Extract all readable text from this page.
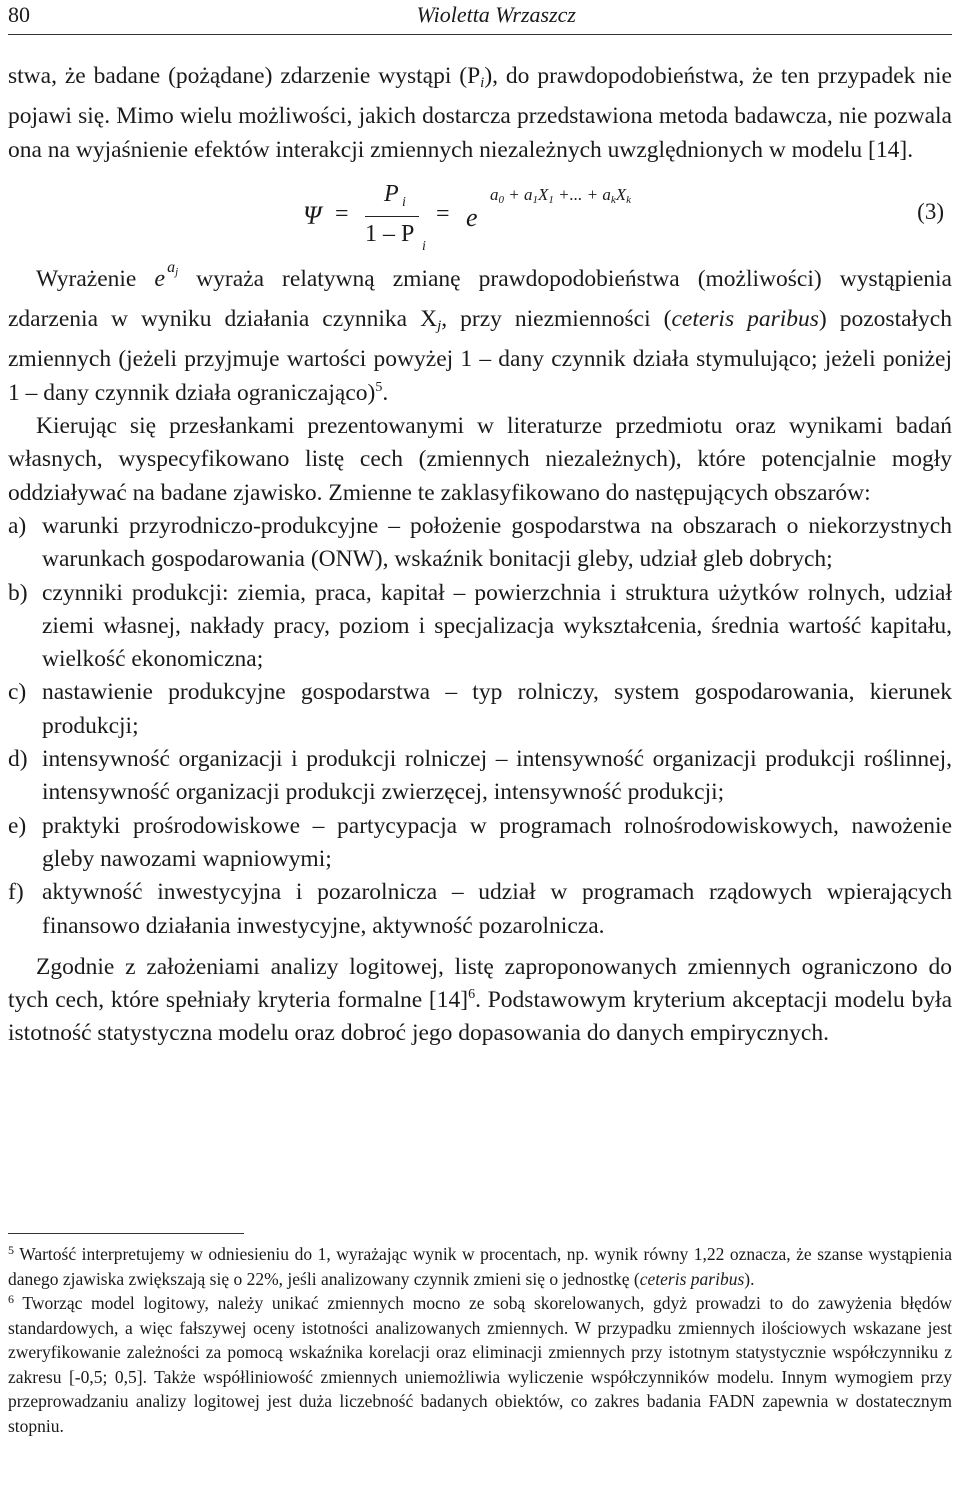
80	Wioletta Wrzaszcz

stwa, że badane (pożądane) zdarzenie wystąpi $(P_i)$, do prawdopodobieństwa, że ten przypadek nie pojawi się. Mimo wielu możliwości, jakich dostarcza przedstawiona metoda badawcza, nie pozwala ona na wyjaśnienie efektów interakcji zmiennych niezależnych uwzględnionych w modelu [14].

Ψ =
P i
1 – P i
= e
a0 + a1X1 +... + akXk	(3)

Wyrażenie e $^{aj}$ wyraża relatywną zmianę prawdopodobieństwa (możliwości) wystąpienia zdarzenia w wyniku działania czynnika $X_j$, przy niezmienności (ceteris paribus) pozostałych zmiennych (jeżeli przyjmuje wartości powyżej 1 – dany czynnik działa stymulująco; jeżeli poniżej 1 – dany czynnik działa ograniczająco)$^5$.

Kierując się przesłankami prezentowanymi w literaturze przedmiotu oraz wynikami badań własnych, wyspecyfikowano listę cech (zmiennych niezależnych), które potencjalnie mogły oddziaływać na badane zjawisko. Zmienne te zaklasyfikowano do następujących obszarów:

a) warunki przyrodniczo-produkcyjne – położenie gospodarstwa na obszarach o niekorzystnych warunkach gospodarowania (ONW), wskaźnik bonitacji gleby, udział gleb dobrych;
b) czynniki produkcji: ziemia, praca, kapitał – powierzchnia i struktura użytków rolnych, udział ziemi własnej, nakłady pracy, poziom i specjalizacja wykształcenia, średnia wartość kapitału, wielkość ekonomiczna;
c) nastawienie produkcyjne gospodarstwa – typ rolniczy, system gospodarowania, kierunek produkcji;
d) intensywność organizacji i produkcji rolniczej – intensywność organizacji produkcji roślinnej, intensywność organizacji produkcji zwierzęcej, intensywność produkcji;
e) praktyki prośrodowiskowe – partycypacja w programach rolnośrodowiskowych, nawożenie gleby nawozami wapniowymi;
f) aktywność inwestycyjna i pozarolnicza – udział w programach rządowych wpierających finansowo działania inwestycyjne, aktywność pozarolnicza.

Zgodnie z założeniami analizy logitowej, listę zaproponowanych zmiennych ograniczono do tych cech, które spełniały kryteria formalne [14]$^6$. Podstawowym kryterium akceptacji modelu była istotność statystyczna modelu oraz dobroć jego dopasowania do danych empirycznych.

$^5$ Wartość interpretujemy w odniesieniu do 1, wyrażając wynik w procentach, np. wynik równy 1,22 oznacza, że szanse wystąpienia danego zjawiska zwiększają się o 22%, jeśli analizowany czynnik zmieni się o jednostkę (ceteris paribus).

$^6$ Tworząc model logitowy, należy unikać zmiennych mocno ze sobą skorelowanych, gdyż prowadzi to do zawyżenia błędów standardowych, a więc fałszywej oceny istotności analizowanych zmiennych. W przypadku zmiennych ilościowych wskazane jest zweryfikowanie zależności za pomocą wskaźnika korelacji oraz eliminacji zmiennych przy istotnym statystycznie współczynniku z zakresu [-0,5; 0,5]. Także współliniowość zmiennych uniemożliwia wyliczenie współczynników modelu. Innym wymogiem przy przeprowadzaniu analizy logitowej jest duża liczebność badanych obiektów, co zakres badania FADN zapewnia w dostatecznym stopniu.
